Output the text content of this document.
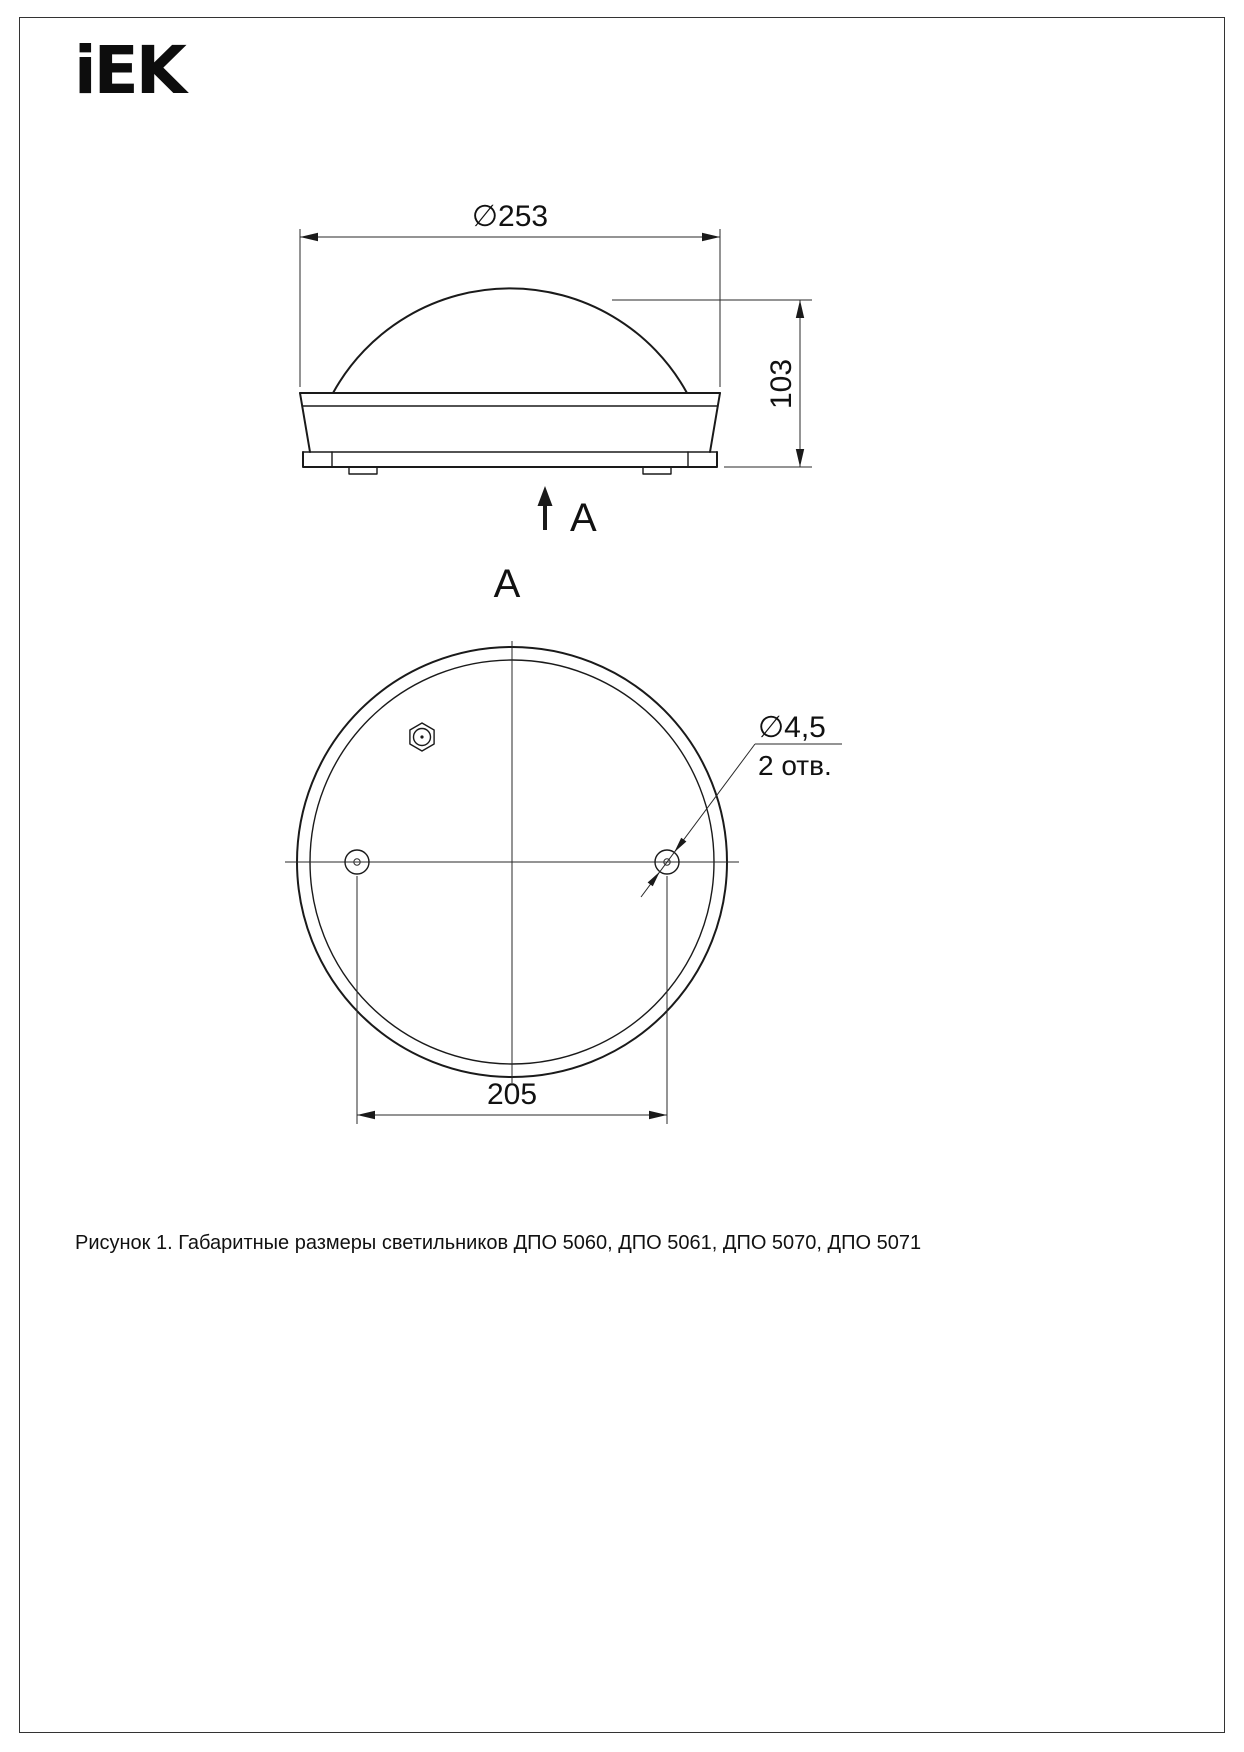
iEK
∅253
103
A
A
∅4,5
2 отв.
205
Рисунок 1. Габаритные размеры светильников ДПО 5060, ДПО 5061, ДПО 5070, ДПО 5071
